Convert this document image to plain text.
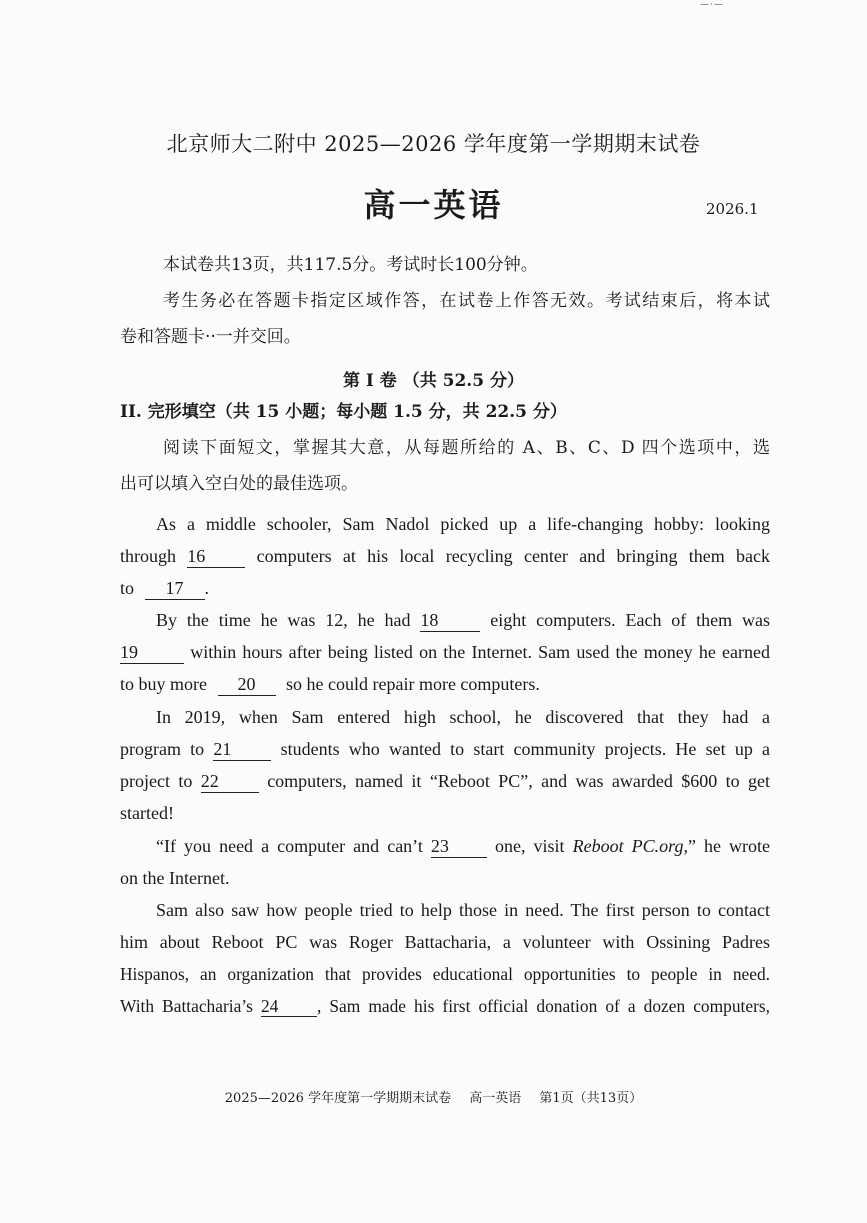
—·—
北京师大二附中 2025—2026 学年度第一学期期末试卷
高一英语	2026.1
本试卷共13页，共117.5分。考试时长100分钟。
考生务必在答题卡指定区域作答，在试卷上作答无效。考试结束后，将本试
卷和答题卡··一并交回。
第 I 卷 （共 52.5 分）
II. 完形填空（共 15 小题；每小题 1.5 分，共 22.5 分）
阅读下面短文，掌握其大意，从每题所给的 A、B、C、D 四个选项中，选
出可以填入空白处的最佳选项。
As a middle schooler, Sam Nadol picked up a life-changing hobby: looking
through 16	computers at his local recycling center and bringing them back
to 17 .
By the time he was 12, he had 18	eight computers. Each of them was
19	within hours after being listed on the Internet. Sam used the money he earned
to buy more 20 so he could repair more computers.
In 2019, when Sam entered high school, he discovered that they had a
program to 21	students who wanted to start community projects. He set up a
project to 22	computers, named it “Reboot PC”, and was awarded $600 to get
started!
“If you need a computer and can’t 23	one, visit Reboot PC.org,” he wrote
on the Internet.
Sam also saw how people tried to help those in need. The first person to contact
him about Reboot PC was Roger Battacharia, a volunteer with Ossining Padres
Hispanos, an organization that provides educational opportunities to people in need.
With Battacharia’s 24 , Sam made his first official donation of a dozen computers,
2025—2026 学年度第一学期期末试卷 高一英语 第1页（共13页）
